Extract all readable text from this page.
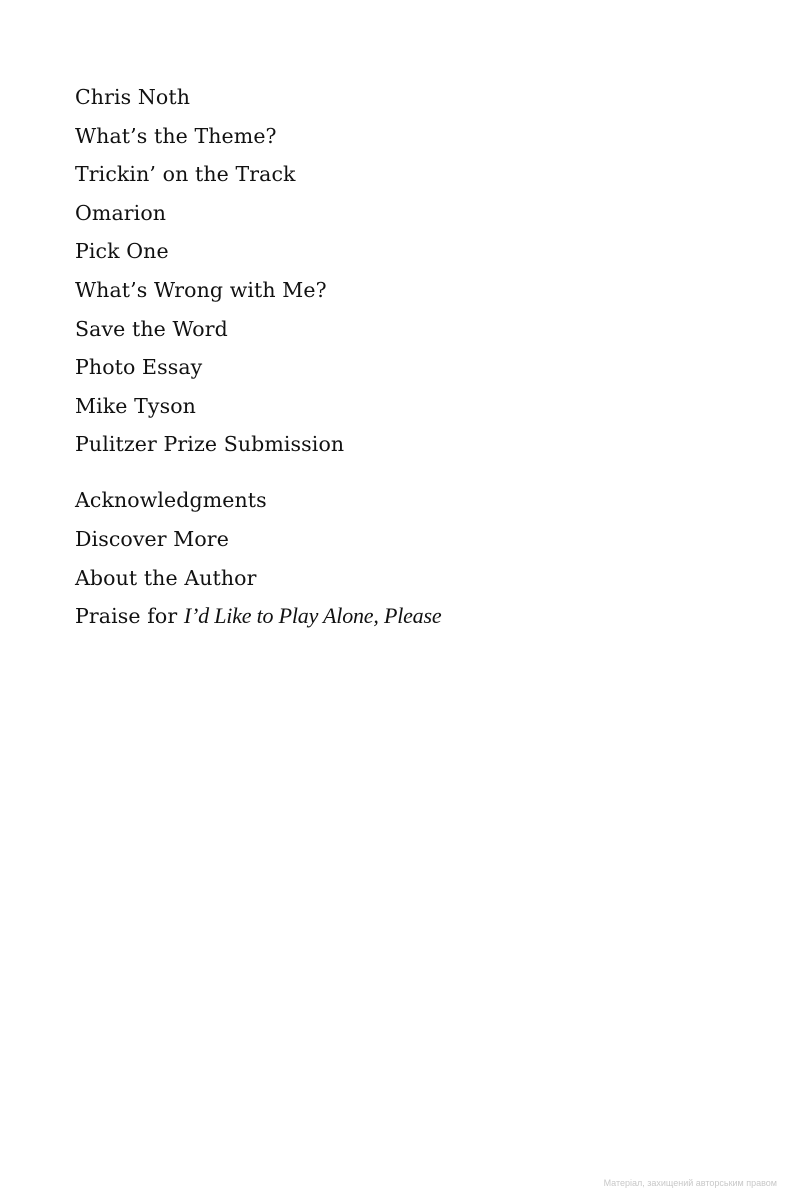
Chris Noth
What’s the Theme?
Trickin’ on the Track
Omarion
Pick One
What’s Wrong with Me?
Save the Word
Photo Essay
Mike Tyson
Pulitzer Prize Submission
Acknowledgments
Discover More
About the Author
Praise for I’d Like to Play Alone, Please
Матеріал, захищений авторським правом
